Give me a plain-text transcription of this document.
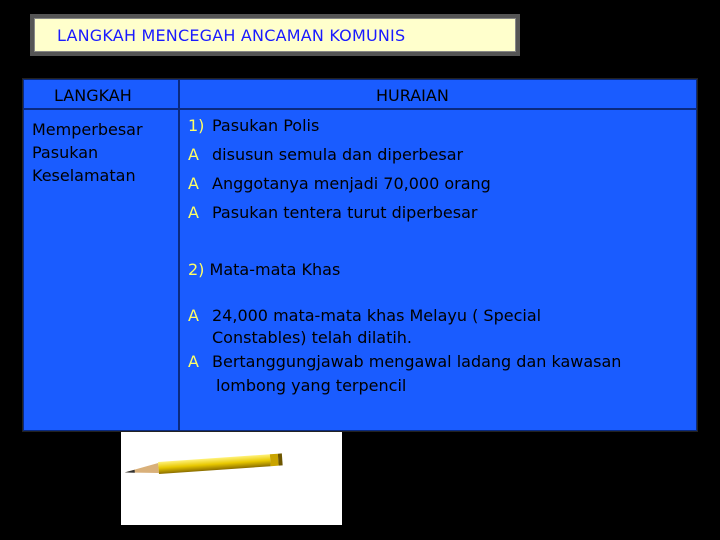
LANGKAH MENCEGAH ANCAMAN KOMUNIS
LANGKAH	HURAIAN
Memperbesar
Pasukan
Keselamatan
1) Pasukan Polis
A disusun semula dan diperbesar
A Anggotanya menjadi 70,000 orang
A Pasukan tentera turut diperbesar
2) Mata-mata Khas
A 24,000 mata-mata khas Melayu ( Special
Constables) telah dilatih.
A Bertanggungjawab mengawal ladang dan kawasan
lombong yang terpencil
